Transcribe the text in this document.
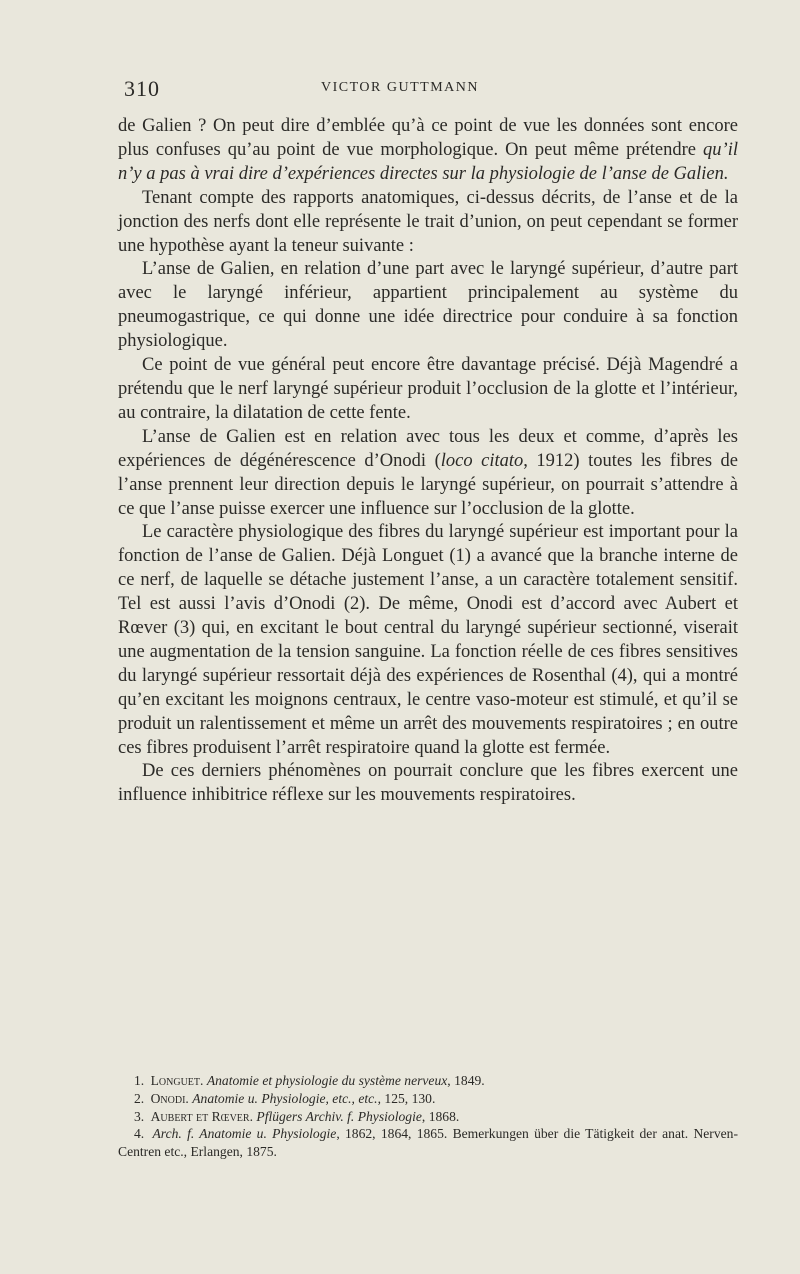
310	VICTOR GUTTMANN

de Galien ? On peut dire d’emblée qu’à ce point de vue les données sont encore plus confuses qu’au point de vue morphologique. On peut même prétendre qu’il n’y a pas à vrai dire d’expériences directes sur la physiologie de l’anse de Galien.

Tenant compte des rapports anatomiques, ci-dessus décrits, de l’anse et de la jonction des nerfs dont elle représente le trait d’union, on peut cependant se former une hypothèse ayant la teneur suivante :

L’anse de Galien, en relation d’une part avec le laryngé supérieur, d’autre part avec le laryngé inférieur, appartient principalement au système du pneumogastrique, ce qui donne une idée directrice pour conduire à sa fonction physiologique.

Ce point de vue général peut encore être davantage précisé. Déjà Magendré a prétendu que le nerf laryngé supérieur produit l’occlusion de la glotte et l’intérieur, au contraire, la dilatation de cette fente.

L’anse de Galien est en relation avec tous les deux et comme, d’après les expériences de dégénérescence d’Onodi (loco citato, 1912) toutes les fibres de l’anse prennent leur direction depuis le laryngé supérieur, on pourrait s’attendre à ce que l’anse puisse exercer une influence sur l’occlusion de la glotte.

Le caractère physiologique des fibres du laryngé supérieur est important pour la fonction de l’anse de Galien. Déjà Longuet (1) a avancé que la branche interne de ce nerf, de laquelle se détache justement l’anse, a un caractère totalement sensitif. Tel est aussi l’avis d’Onodi (2). De même, Onodi est d’accord avec Aubert et Rœver (3) qui, en excitant le bout central du laryngé supérieur sectionné, viserait une augmentation de la tension sanguine. La fonction réelle de ces fibres sensitives du laryngé supérieur ressortait déjà des expériences de Rosenthal (4), qui a montré qu’en excitant les moignons centraux, le centre vaso-moteur est stimulé, et qu’il se produit un ralentissement et même un arrêt des mouvements respiratoires ; en outre ces fibres produisent l’arrêt respiratoire quand la glotte est fermée.

De ces derniers phénomènes on pourrait conclure que les fibres exercent une influence inhibitrice réflexe sur les mouvements respiratoires.

1. Longuet. Anatomie et physiologie du système nerveux, 1849.

2. Onodi. Anatomie u. Physiologie, etc., etc., 125, 130.

3. Aubert et Rœver. Pflügers Archiv. f. Physiologie, 1868.

4. Arch. f. Anatomie u. Physiologie, 1862, 1864, 1865. Bemerkungen über die Tätigkeit der anat. Nerven-Centren etc., Erlangen, 1875.
